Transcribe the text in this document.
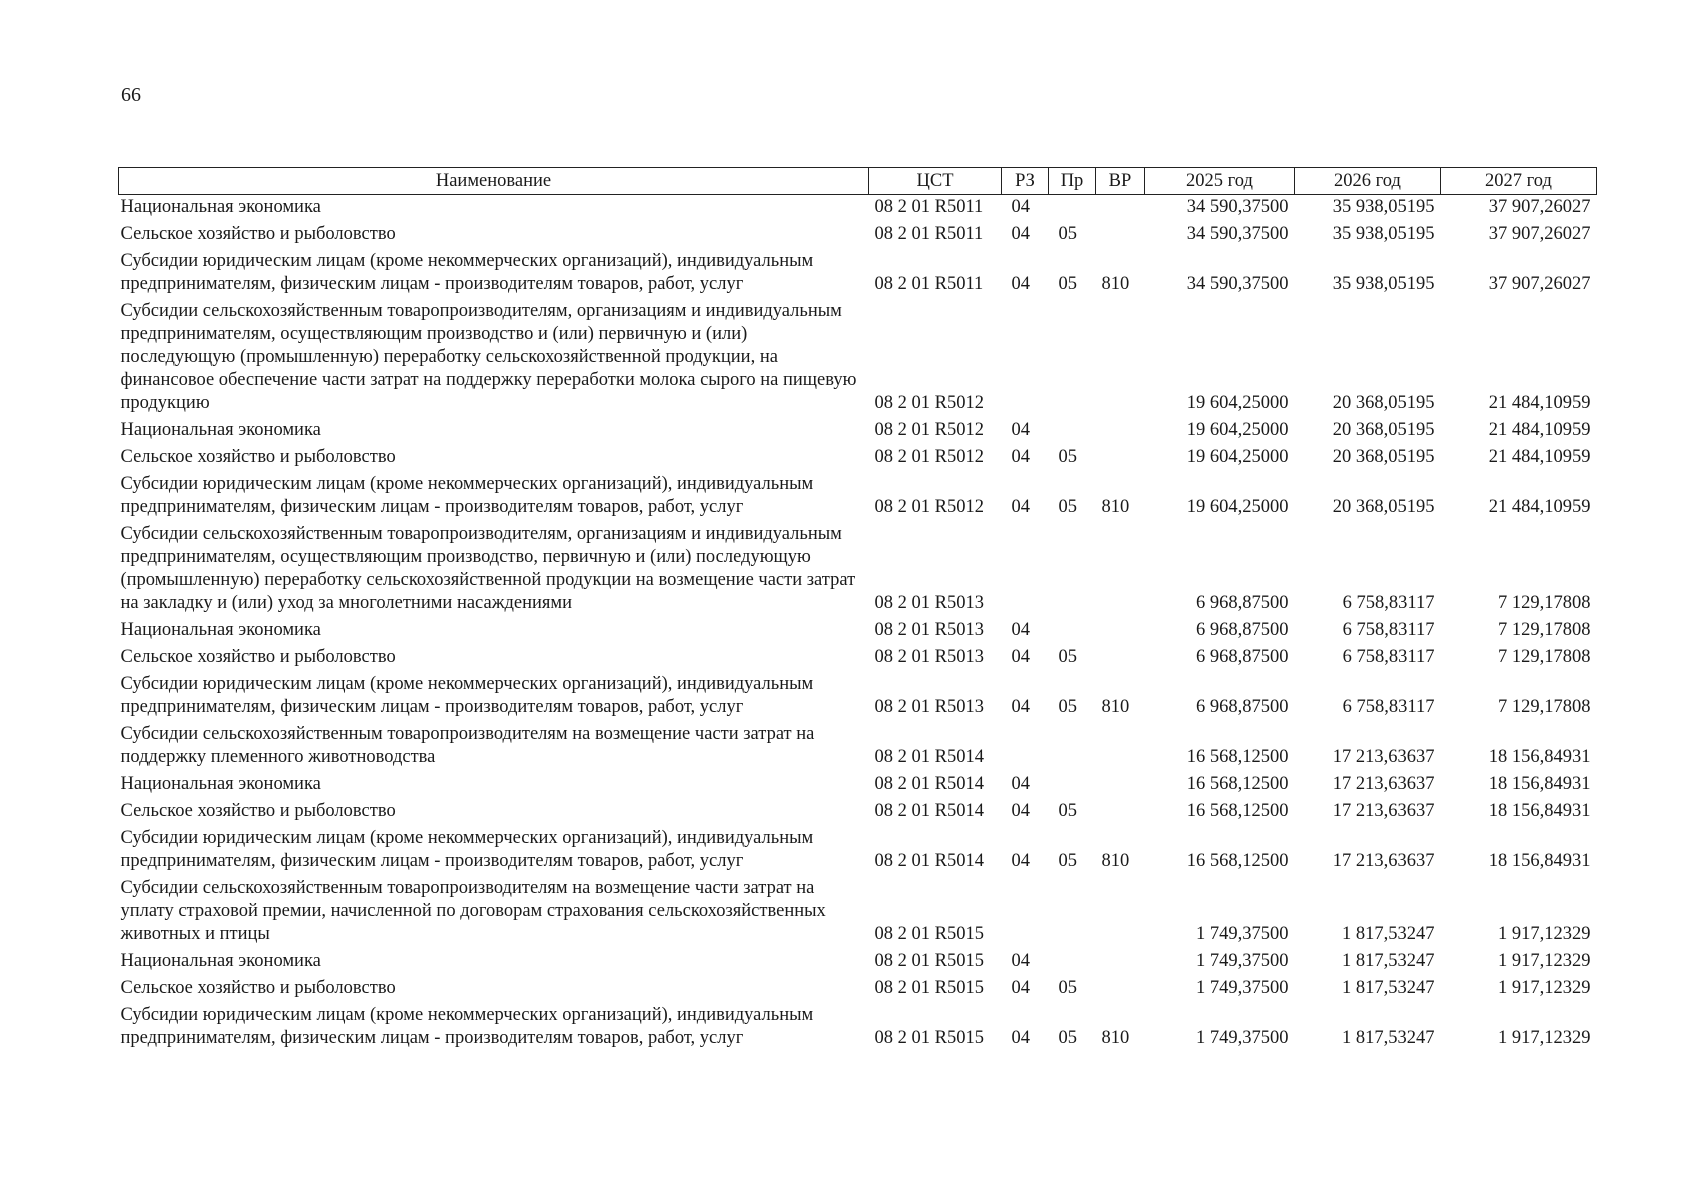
66
Наименование	ЦСТ	РЗ	Пр	ВР	2025 год	2026 год	2027 год
Национальная экономика	08 2 01 R5011	04			34 590,37500	35 938,05195	37 907,26027
Сельское хозяйство и рыболовство	08 2 01 R5011	04	05		34 590,37500	35 938,05195	37 907,26027
Субсидии юридическим лицам (кроме некоммерческих организаций), индивидуальным предпринимателям, физическим лицам - производителям товаров, работ, услуг	08 2 01 R5011	04	05	810	34 590,37500	35 938,05195	37 907,26027
Субсидии сельскохозяйственным товаропроизводителям, организациям и индивидуальным предпринимателям, осуществляющим производство и (или) первичную и (или) последующую (промышленную) переработку сельскохозяйственной продукции, на финансовое обеспечение части затрат на поддержку переработки молока сырого на пищевую продукцию	08 2 01 R5012				19 604,25000	20 368,05195	21 484,10959
Национальная экономика	08 2 01 R5012	04			19 604,25000	20 368,05195	21 484,10959
Сельское хозяйство и рыболовство	08 2 01 R5012	04	05		19 604,25000	20 368,05195	21 484,10959
Субсидии юридическим лицам (кроме некоммерческих организаций), индивидуальным предпринимателям, физическим лицам - производителям товаров, работ, услуг	08 2 01 R5012	04	05	810	19 604,25000	20 368,05195	21 484,10959
Субсидии сельскохозяйственным товаропроизводителям, организациям и индивидуальным предпринимателям, осуществляющим производство, первичную и (или) последующую (промышленную) переработку сельскохозяйственной продукции на возмещение части затрат на закладку и (или) уход за многолетними насаждениями	08 2 01 R5013				6 968,87500	6 758,83117	7 129,17808
Национальная экономика	08 2 01 R5013	04			6 968,87500	6 758,83117	7 129,17808
Сельское хозяйство и рыболовство	08 2 01 R5013	04	05		6 968,87500	6 758,83117	7 129,17808
Субсидии юридическим лицам (кроме некоммерческих организаций), индивидуальным предпринимателям, физическим лицам - производителям товаров, работ, услуг	08 2 01 R5013	04	05	810	6 968,87500	6 758,83117	7 129,17808
Субсидии сельскохозяйственным товаропроизводителям на возмещение части затрат на поддержку племенного животноводства	08 2 01 R5014				16 568,12500	17 213,63637	18 156,84931
Национальная экономика	08 2 01 R5014	04			16 568,12500	17 213,63637	18 156,84931
Сельское хозяйство и рыболовство	08 2 01 R5014	04	05		16 568,12500	17 213,63637	18 156,84931
Субсидии юридическим лицам (кроме некоммерческих организаций), индивидуальным предпринимателям, физическим лицам - производителям товаров, работ, услуг	08 2 01 R5014	04	05	810	16 568,12500	17 213,63637	18 156,84931
Субсидии сельскохозяйственным товаропроизводителям на возмещение части затрат на уплату страховой премии, начисленной по договорам страхования сельскохозяйственных животных и птицы	08 2 01 R5015				1 749,37500	1 817,53247	1 917,12329
Национальная экономика	08 2 01 R5015	04			1 749,37500	1 817,53247	1 917,12329
Сельское хозяйство и рыболовство	08 2 01 R5015	04	05		1 749,37500	1 817,53247	1 917,12329
Субсидии юридическим лицам (кроме некоммерческих организаций), индивидуальным предпринимателям, физическим лицам - производителям товаров, работ, услуг	08 2 01 R5015	04	05	810	1 749,37500	1 817,53247	1 917,12329
